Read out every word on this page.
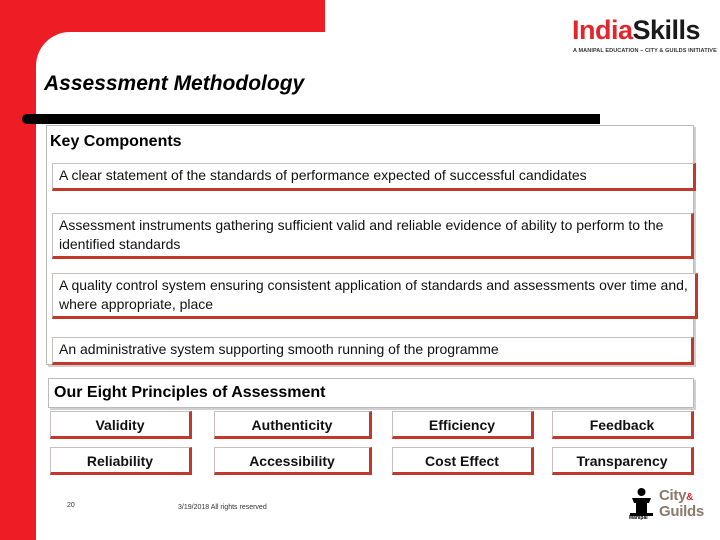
IndiaSkills
A MANIPAL EDUCATION – CITY & GUILDS INITIATIVE
Assessment Methodology
Key Components
A clear statement of the standards of performance expected of successful candidates
Assessment instruments gathering sufficient valid and reliable evidence of ability to perform to the identified standards
A quality control system ensuring consistent application of standards and assessments over time and, where appropriate, place
An administrative system supporting smooth running of the programme
Our Eight Principles of Assessment
Validity	Authenticity	Efficiency	Feedback
Reliability	Accessibility	Cost Effect	Transparency
20	3/19/2018 All rights reserved
Manipal
City&
Guilds
